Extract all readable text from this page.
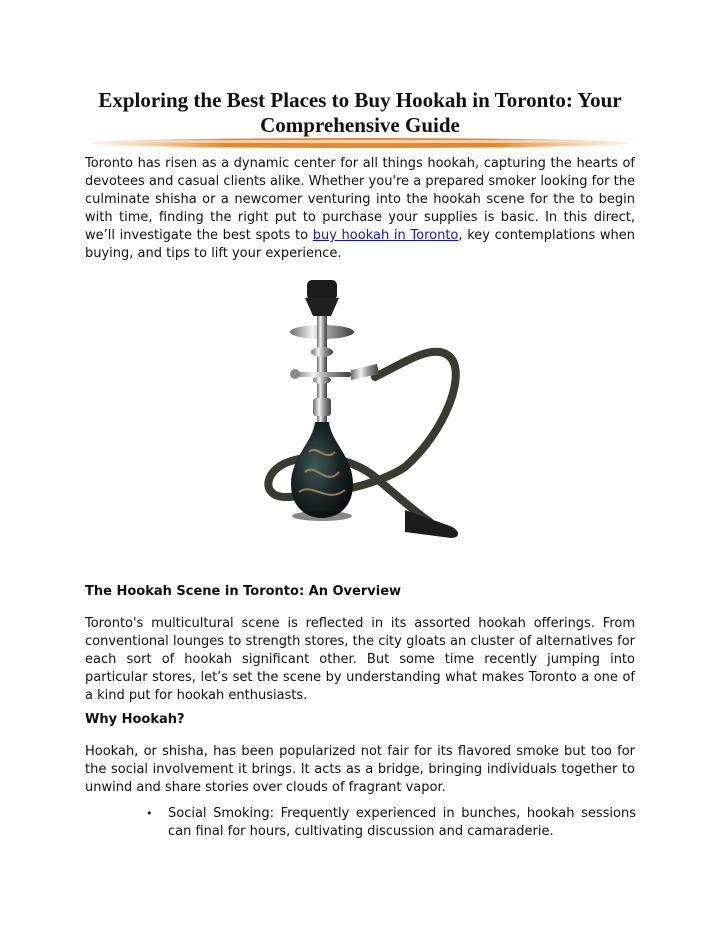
Exploring the Best Places to Buy Hookah in Toronto: Your Comprehensive Guide

Toronto has risen as a dynamic center for all things hookah, capturing the hearts of devotees and casual clients alike. Whether you're a prepared smoker looking for the culminate shisha or a newcomer venturing into the hookah scene for the to begin with time, finding the right put to purchase your supplies is basic. In this direct, we’ll investigate the best spots to buy hookah in Toronto, key contemplations when buying, and tips to lift your experience.

The Hookah Scene in Toronto: An Overview

Toronto's multicultural scene is reflected in its assorted hookah offerings. From conventional lounges to strength stores, the city gloats an cluster of alternatives for each sort of hookah significant other. But some time recently jumping into particular stores, let’s set the scene by understanding what makes Toronto a one of a kind put for hookah enthusiasts.

Why Hookah?

Hookah, or shisha, has been popularized not fair for its flavored smoke but too for the social involvement it brings. It acts as a bridge, bringing individuals together to unwind and share stories over clouds of fragrant vapor.

• Social Smoking: Frequently experienced in bunches, hookah sessions can final for hours, cultivating discussion and camaraderie.
